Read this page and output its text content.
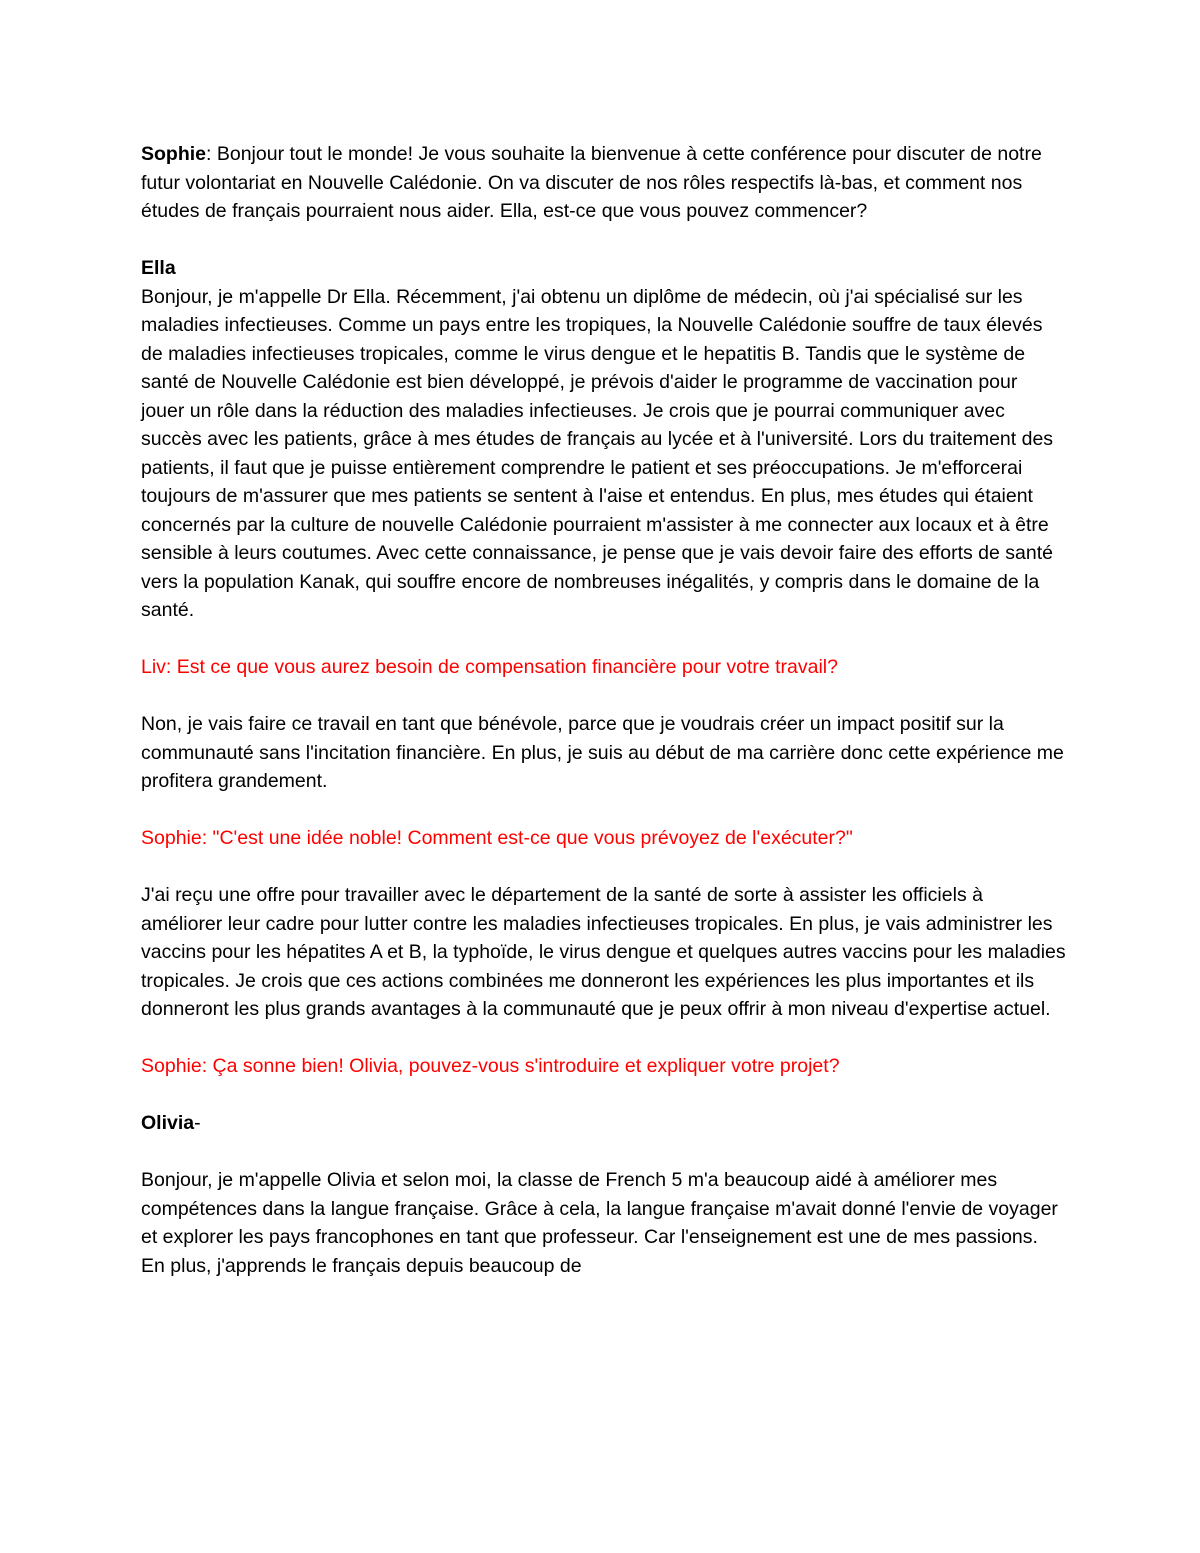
Sophie: Bonjour tout le monde! Je vous souhaite la bienvenue à cette conférence pour discuter de notre futur volontariat en Nouvelle Calédonie. On va discuter de nos rôles respectifs là-bas, et comment nos études de français pourraient nous aider. Ella, est-ce que vous pouvez commencer?

Ella
Bonjour, je m'appelle Dr Ella. Récemment, j'ai obtenu un diplôme de médecin, où j'ai spécialisé sur les maladies infectieuses. Comme un pays entre les tropiques, la Nouvelle Calédonie souffre de taux élevés de maladies infectieuses tropicales, comme le virus dengue et le hepatitis B. Tandis que le système de santé de Nouvelle Calédonie est bien développé, je prévois d'aider le programme de vaccination pour jouer un rôle dans la réduction des maladies infectieuses. Je crois que je pourrai communiquer avec succès avec les patients, grâce à mes études de français au lycée et à l'université. Lors du traitement des patients, il faut que je puisse entièrement comprendre le patient et ses préoccupations. Je m'efforcerai toujours de m'assurer que mes patients se sentent à l'aise et entendus. En plus, mes études qui étaient concernés par la culture de nouvelle Calédonie pourraient m'assister à me connecter aux locaux et à être sensible à leurs coutumes. Avec cette connaissance, je pense que je vais devoir faire des efforts de santé vers la population Kanak, qui souffre encore de nombreuses inégalités, y compris dans le domaine de la santé.

Liv: Est ce que vous aurez besoin de compensation financière pour votre travail?

Non, je vais faire ce travail en tant que bénévole, parce que je voudrais créer un impact positif sur la communauté sans l'incitation financière. En plus, je suis au début de ma carrière donc cette expérience me profitera grandement.

Sophie: "C'est une idée noble! Comment est-ce que vous prévoyez de l'exécuter?"

J'ai reçu une offre pour travailler avec le département de la santé de sorte à assister les officiels à améliorer leur cadre pour lutter contre les maladies infectieuses tropicales. En plus, je vais administrer les vaccins pour les hépatites A et B, la typhoïde, le virus dengue et quelques autres vaccins pour les maladies tropicales. Je crois que ces actions combinées me donneront les expériences les plus importantes et ils donneront les plus grands avantages à la communauté que je peux offrir à mon niveau d'expertise actuel.

Sophie: Ça sonne bien! Olivia, pouvez-vous s'introduire et expliquer votre projet?

Olivia-

Bonjour, je m'appelle Olivia et selon moi, la classe de French 5 m'a beaucoup aidé à améliorer mes compétences dans la langue française. Grâce à cela, la langue française m'avait donné l'envie de voyager et explorer les pays francophones en tant que professeur. Car l'enseignement est une de mes passions. En plus, j'apprends le français depuis beaucoup de
